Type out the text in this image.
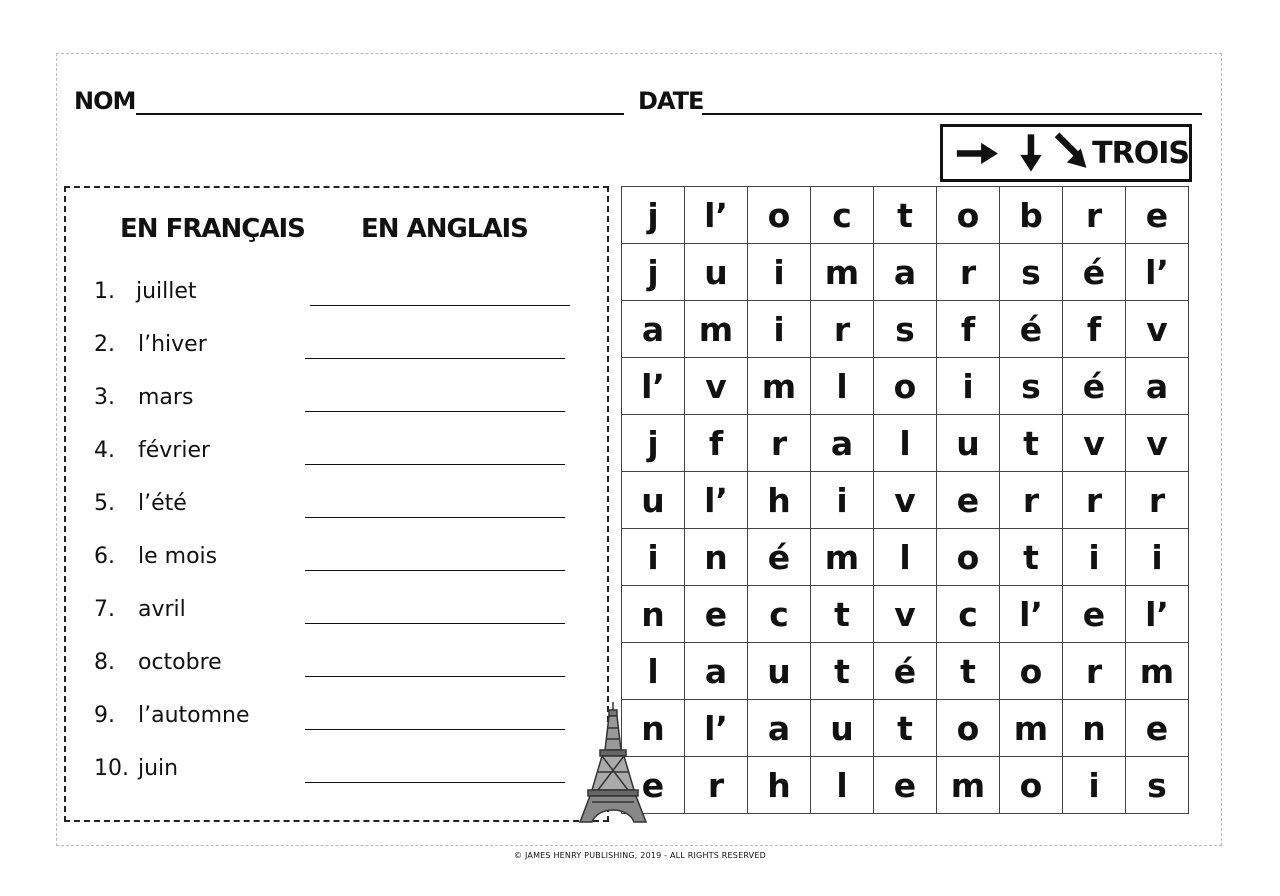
NOM	DATE
TROIS
EN FRANÇAIS EN ANGLAIS
1. juillet
2. l’hiver
3. mars
4. février
5. l’été
6. le mois
7. avril
8. octobre
9. l’automne
10. juin
j	l’	o	c	t	o	b	r	e
j	u	i	m	a	r	s	é	l’
a	m	i	r	s	f	é	f	v
l’	v	m	l	o	i	s	é	a
j	f	r	a	l	u	t	v	v
u	l’	h	i	v	e	r	r	r
i	n	é	m	l	o	t	i	i
n	e	c	t	v	c	l’	e	l’
l	a	u	t	é	t	o	r	m
n	l’	a	u	t	o	m	n	e
e	r	h	l	e	m	o	i	s
© JAMES HENRY PUBLISHING, 2019 - ALL RIGHTS RESERVED
